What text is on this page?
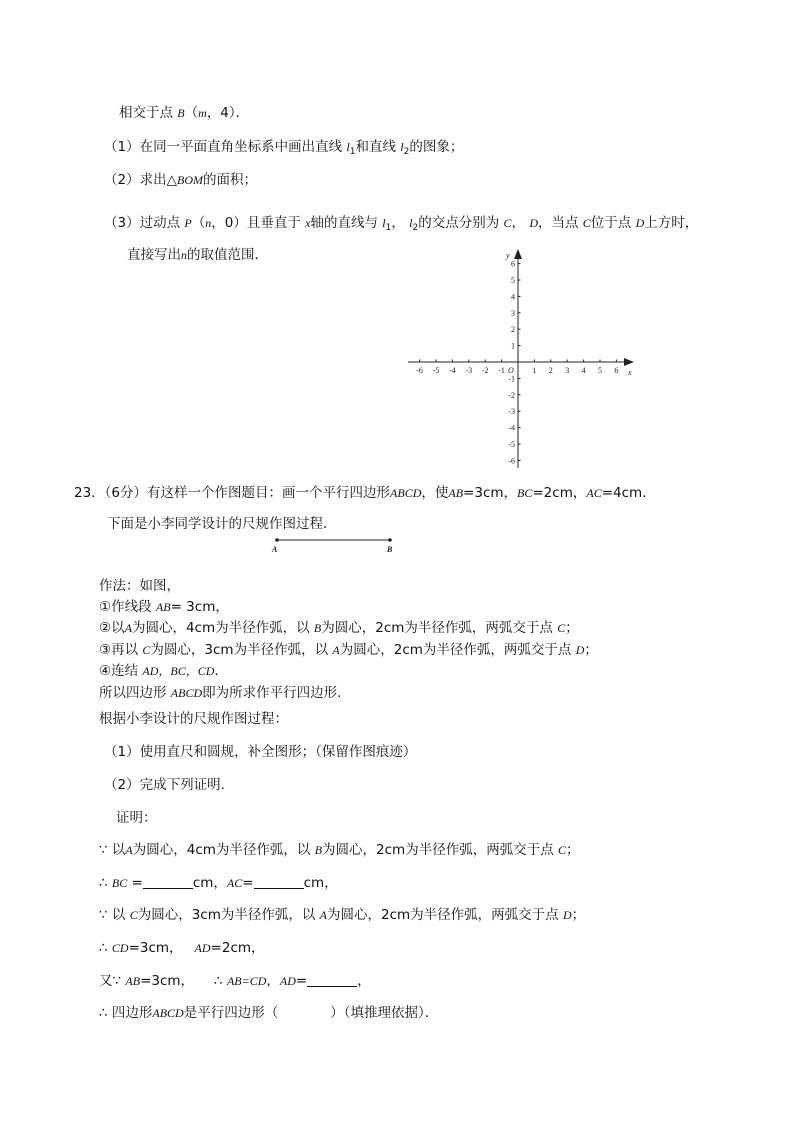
相交于点 B（m，4）．
（1）在同一平面直角坐标系中画出直线 $l_1$和直线 $l_2$的图象；
（2）求出△BOM的面积；
（3）过动点 P（n，0）且垂直于 x轴的直线与 $l_1$， $l_2$的交点分别为 C， D，当点 C位于点 D上方时，
直接写出n的取值范围．
-6 -5 -4 -3 -2 -1	1 2 3 4 5 6
6
5
4
3
2
1
-1
-2
-3
-4
-5
-6
x
y
O
23．（6分）有这样一个作图题目：画一个平行四边形ABCD，使AB=3cm，BC=2cm，AC=4cm．
下面是小李同学设计的尺规作图过程．
A	B
作法：如图，
①作线段 AB= 3cm，
②以A为圆心，4cm为半径作弧，以 B为圆心，2cm为半径作弧，两弧交于点 C；
③再以 C为圆心，3cm为半径作弧，以 A为圆心，2cm为半径作弧，两弧交于点 D；
④连结 AD，BC，CD.
所以四边形 ABCD即为所求作平行四边形.
根据小李设计的尺规作图过程：
（1）使用直尺和圆规，补全图形；（保留作图痕迹）
（2）完成下列证明．
证明：
∵ 以A为圆心，4cm为半径作弧，以 B为圆心，2cm为半径作弧，两弧交于点 C；
∴ BC =	cm，AC=	cm，
∵ 以 C为圆心，3cm为半径作弧，以 A为圆心，2cm为半径作弧，两弧交于点 D；
∴ CD=3cm， AD=2cm，
又∵ AB=3cm， ∴ AB=CD，AD=	，
∴ 四边形ABCD是平行四边形（	）（填推理依据）．
